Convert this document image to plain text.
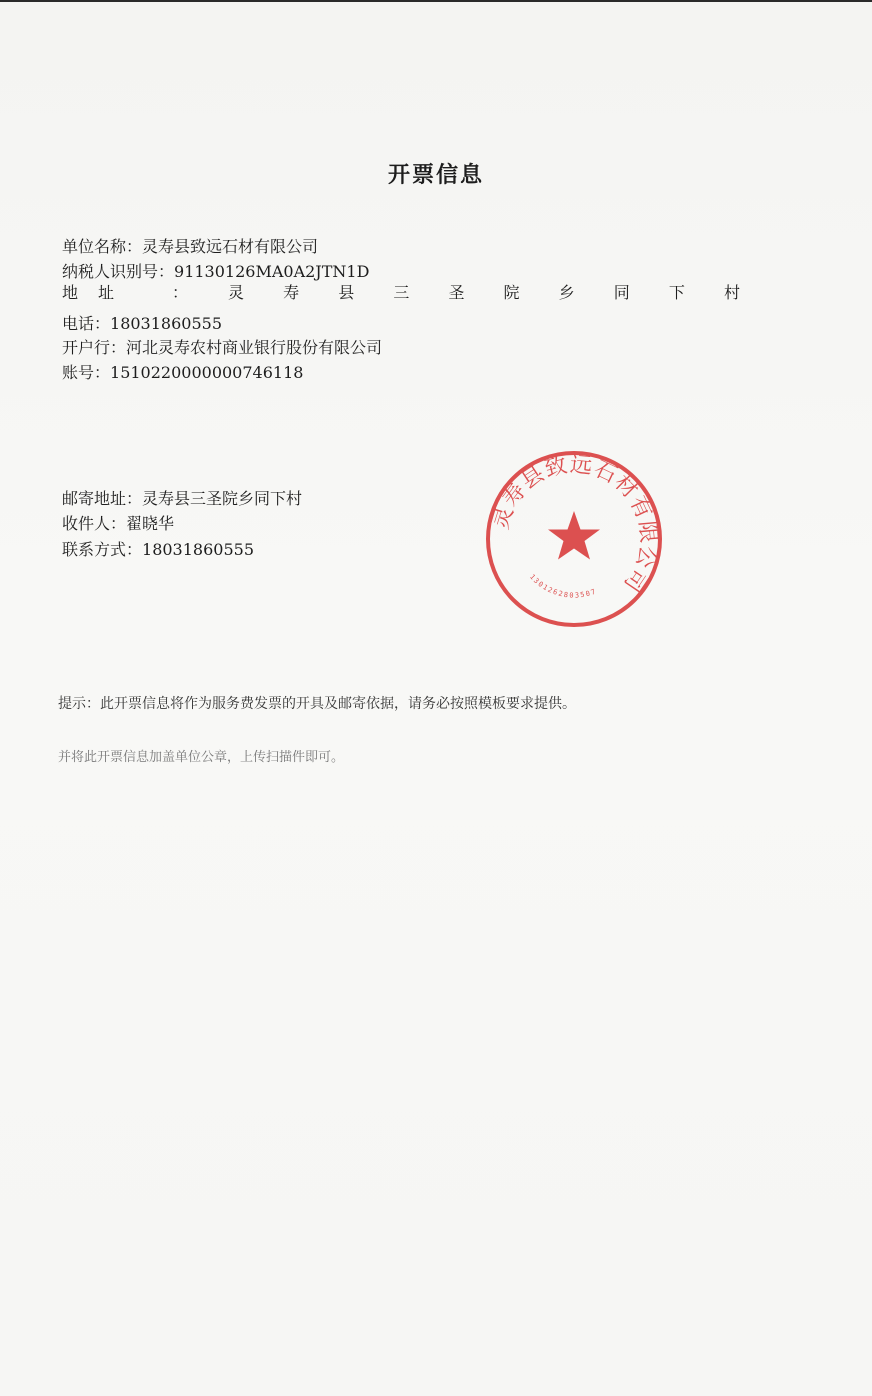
开票信息
单位名称：灵寿县致远石材有限公司
纳税人识别号：91130126MA0A2JTN1D
地址 ： 灵 寿 县 三 圣 院 乡 同 下 村
电话：18031860555
开户行：河北灵寿农村商业银行股份有限公司
账号：1510220000000746118
邮寄地址：灵寿县三圣院乡同下村
收件人：翟晓华
联系方式：18031860555
提示：此开票信息将作为服务费发票的开具及邮寄依据，请务必按照模板要求提供。
并将此开票信息加盖单位公章，上传扫描件即可。
灵寿县致远石材有限公司
1301262803507
